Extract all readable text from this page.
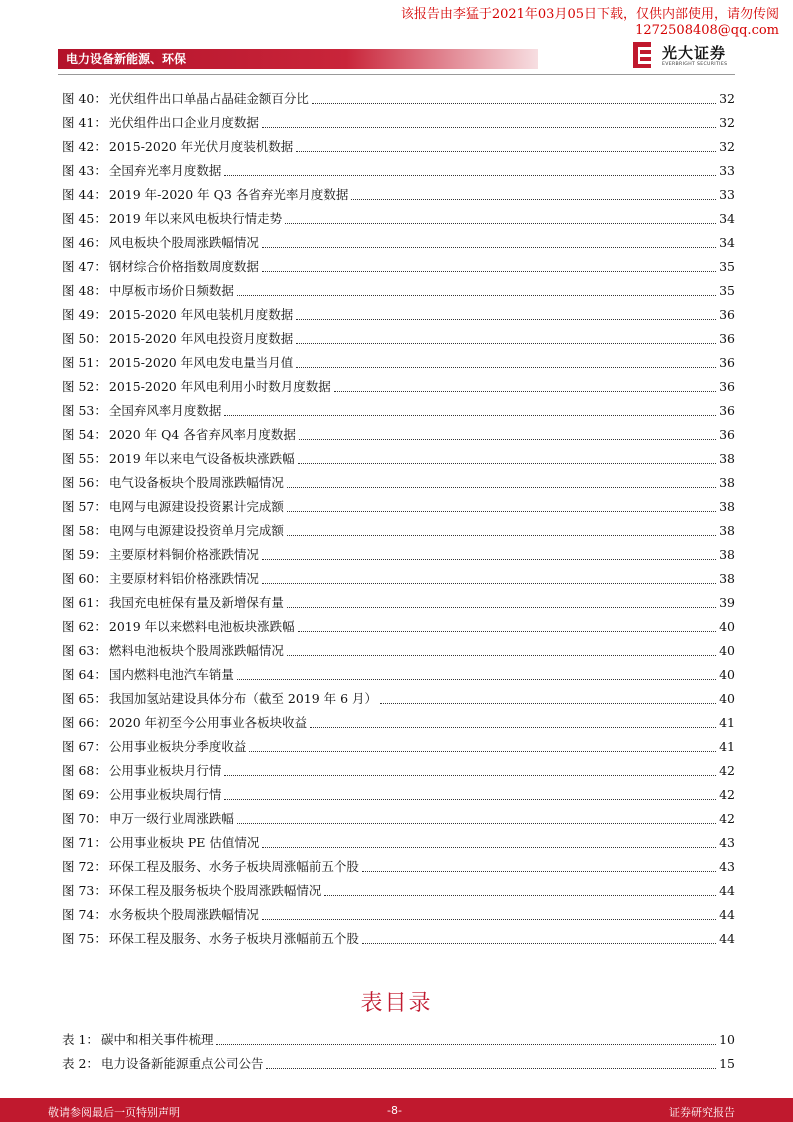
该报告由李猛于2021年03月05日下载，仅供内部使用，请勿传阅
1272508408@qq.com
电力设备新能源、环保	光大证券
EVERBRIGHT SECURITIES
图 40： 光伏组件出口单晶占晶硅金额百分比	32
图 41： 光伏组件出口企业月度数据	32
图 42： 2015-2020 年光伏月度装机数据	32
图 43： 全国弃光率月度数据	33
图 44： 2019 年-2020 年 Q3 各省弃光率月度数据	33
图 45： 2019 年以来风电板块行情走势	34
图 46： 风电板块个股周涨跌幅情况	34
图 47： 钢材综合价格指数周度数据	35
图 48： 中厚板市场价日频数据	35
图 49： 2015-2020 年风电装机月度数据	36
图 50： 2015-2020 年风电投资月度数据	36
图 51： 2015-2020 年风电发电量当月值	36
图 52： 2015-2020 年风电利用小时数月度数据	36
图 53： 全国弃风率月度数据	36
图 54： 2020 年 Q4 各省弃风率月度数据	36
图 55： 2019 年以来电气设备板块涨跌幅	38
图 56： 电气设备板块个股周涨跌幅情况	38
图 57： 电网与电源建设投资累计完成额	38
图 58： 电网与电源建设投资单月完成额	38
图 59： 主要原材料铜价格涨跌情况	38
图 60： 主要原材料铝价格涨跌情况	38
图 61： 我国充电桩保有量及新增保有量	39
图 62： 2019 年以来燃料电池板块涨跌幅	40
图 63： 燃料电池板块个股周涨跌幅情况	40
图 64： 国内燃料电池汽车销量	40
图 65： 我国加氢站建设具体分布（截至 2019 年 6 月）	40
图 66： 2020 年初至今公用事业各板块收益	41
图 67： 公用事业板块分季度收益	41
图 68： 公用事业板块月行情	42
图 69： 公用事业板块周行情	42
图 70： 申万一级行业周涨跌幅	42
图 71： 公用事业板块 PE 估值情况	43
图 72： 环保工程及服务、水务子板块周涨幅前五个股	43
图 73： 环保工程及服务板块个股周涨跌幅情况	44
图 74： 水务板块个股周涨跌幅情况	44
图 75： 环保工程及服务、水务子板块月涨幅前五个股	44
表目录
表 1： 碳中和相关事件梳理	10
表 2： 电力设备新能源重点公司公告	15
敬请参阅最后一页特别声明	-8-	证券研究报告
